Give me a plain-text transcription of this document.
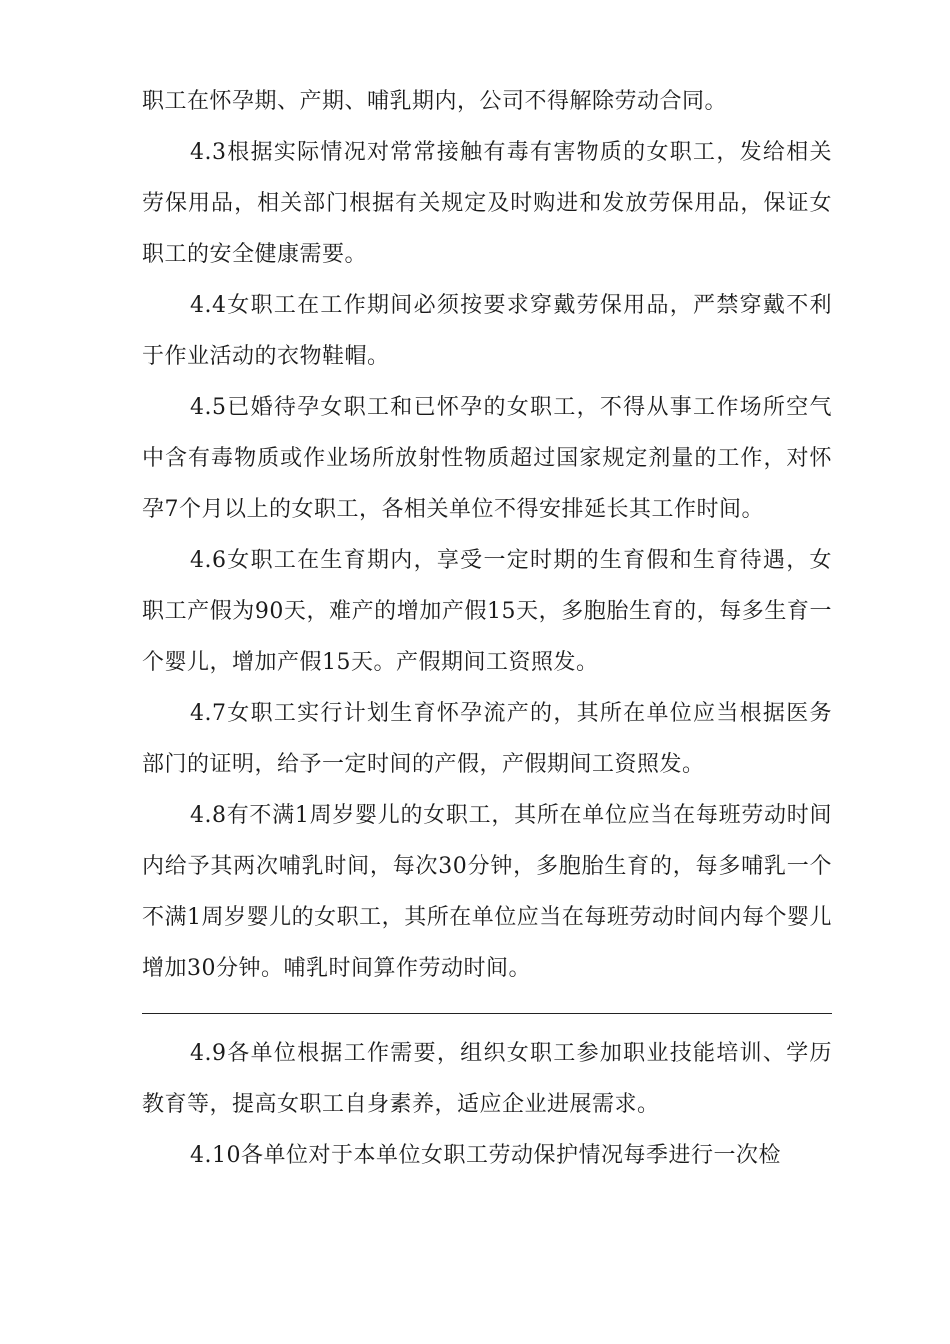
职工在怀孕期、产期、哺乳期内，公司不得解除劳动合同。

4.3根据实际情况对常常接触有毒有害物质的女职工，发给相关劳保用品，相关部门根据有关规定及时购进和发放劳保用品，保证女职工的安全健康需要。

4.4女职工在工作期间必须按要求穿戴劳保用品，严禁穿戴不利于作业活动的衣物鞋帽。

4.5已婚待孕女职工和已怀孕的女职工，不得从事工作场所空气中含有毒物质或作业场所放射性物质超过国家规定剂量的工作，对怀孕7个月以上的女职工，各相关单位不得安排延长其工作时间。

4.6女职工在生育期内，享受一定时期的生育假和生育待遇，女职工产假为90天，难产的增加产假15天，多胞胎生育的，每多生育一个婴儿，增加产假15天。产假期间工资照发。

4.7女职工实行计划生育怀孕流产的，其所在单位应当根据医务部门的证明，给予一定时间的产假，产假期间工资照发。

4.8有不满1周岁婴儿的女职工，其所在单位应当在每班劳动时间内给予其两次哺乳时间，每次30分钟，多胞胎生育的，每多哺乳一个不满1周岁婴儿的女职工，其所在单位应当在每班劳动时间内每个婴儿增加30分钟。哺乳时间算作劳动时间。

4.9各单位根据工作需要，组织女职工参加职业技能培训、学历教育等，提高女职工自身素养，适应企业进展需求。

4.10各单位对于本单位女职工劳动保护情况每季进行一次检
